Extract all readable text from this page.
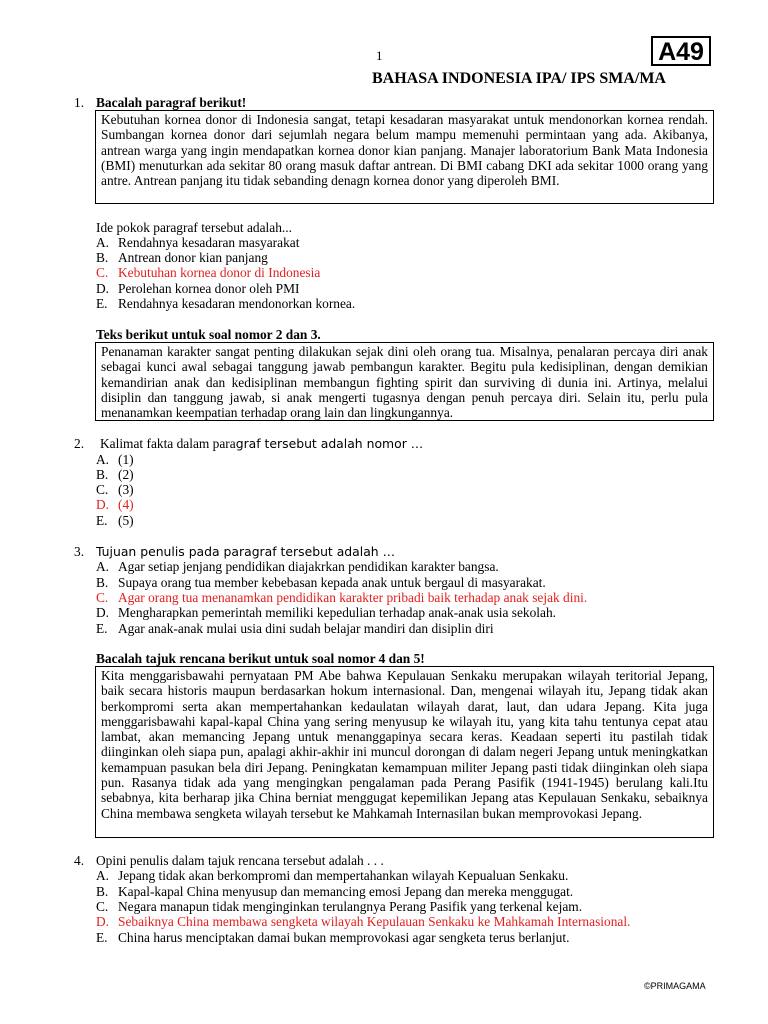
1	A49
BAHASA INDONESIA IPA/ IPS SMA/MA
1. Bacalah paragraf berikut!

Kebutuhan kornea donor di Indonesia sangat, tetapi kesadaran masyarakat untuk mendonorkan kornea rendah. Sumbangan kornea donor dari sejumlah negara belum mampu memenuhi permintaan yang ada. Akibanya, antrean warga yang ingin mendapatkan kornea donor kian panjang. Manajer laboratorium Bank Mata Indonesia (BMI) menuturkan ada sekitar 80 orang masuk daftar antrean. Di BMI cabang DKI ada sekitar 1000 orang yang antre. Antrean panjang itu tidak sebanding denagn kornea donor yang diperoleh BMI.

Ide pokok paragraf tersebut adalah...
A. Rendahnya kesadaran masyarakat
B. Antrean donor kian panjang
C. Kebutuhan kornea donor di Indonesia
D. Perolehan kornea donor oleh PMI
E. Rendahnya kesadaran mendonorkan kornea.
Teks berikut untuk soal nomor 2 dan 3.

Penanaman karakter sangat penting dilakukan sejak dini oleh orang tua. Misalnya, penalaran percaya diri anak sebagai kunci awal sebagai tanggung jawab pembangun karakter. Begitu pula kedisiplinan, dengan demikian kemandirian anak dan kedisiplinan membangun fighting spirit dan surviving di dunia ini. Artinya, melalui disiplin dan tanggung jawab, si anak mengerti tugasnya dengan penuh percaya diri. Selain itu, perlu pula menanamkan keempatian terhadap orang lain dan lingkungannya.

2. Kalimat fakta dalam paragraf tersebut adalah nomor …
A. (1)
B. (2)
C. (3)
D. (4)
E. (5)
3. Tujuan penulis pada paragraf tersebut adalah …
A. Agar setiap jenjang pendidikan diajakrkan pendidikan karakter bangsa.
B. Supaya orang tua member kebebasan kepada anak untuk bergaul di masyarakat.
C. Agar orang tua menanamkan pendidikan karakter pribadi baik terhadap anak sejak dini.
D. Mengharapkan pemerintah memiliki kepedulian terhadap anak-anak usia sekolah.
E. Agar anak-anak mulai usia dini sudah belajar mandiri dan disiplin diri
Bacalah tajuk rencana berikut untuk soal nomor 4 dan 5!

Kita menggarisbawahi pernyataan PM Abe bahwa Kepulauan Senkaku merupakan wilayah teritorial Jepang, baik secara historis maupun berdasarkan hokum internasional. Dan, mengenai wilayah itu, Jepang tidak akan berkompromi serta akan mempertahankan kedaulatan wilayah darat, laut, dan udara Jepang. Kita juga menggarisbawahi kapal-kapal China yang sering menyusup ke wilayah itu, yang kita tahu tentunya cepat atau lambat, akan memancing Jepang untuk menanggapinya secara keras. Keadaan seperti itu pastilah tidak diinginkan oleh siapa pun, apalagi akhir-akhir ini muncul dorongan di dalam negeri Jepang untuk meningkatkan kemampuan pasukan bela diri Jepang. Peningkatan kemampuan militer Jepang pasti tidak diinginkan oleh siapa pun. Rasanya tidak ada yang mengingkan pengalaman pada Perang Pasifik (1941-1945) berulang kali.Itu sebabnya, kita berharap jika China berniat menggugat kepemilikan Jepang atas Kepulauan Senkaku, sebaiknya China membawa sengketa wilayah tersebut ke Mahkamah Internasilan bukan memprovokasi Jepang.

4. Opini penulis dalam tajuk rencana tersebut adalah . . .
A. Jepang tidak akan berkompromi dan mempertahankan wilayah Kepualuan Senkaku.
B. Kapal-kapal China menyusup dan memancing emosi Jepang dan mereka menggugat.
C. Negara manapun tidak menginginkan terulangnya Perang Pasifik yang terkenal kejam.
D. Sebaiknya China membawa sengketa wilayah Kepulauan Senkaku ke Mahkamah Internasional.
E. China harus menciptakan damai bukan memprovokasi agar sengketa terus berlanjut.
©PRIMAGAMA
